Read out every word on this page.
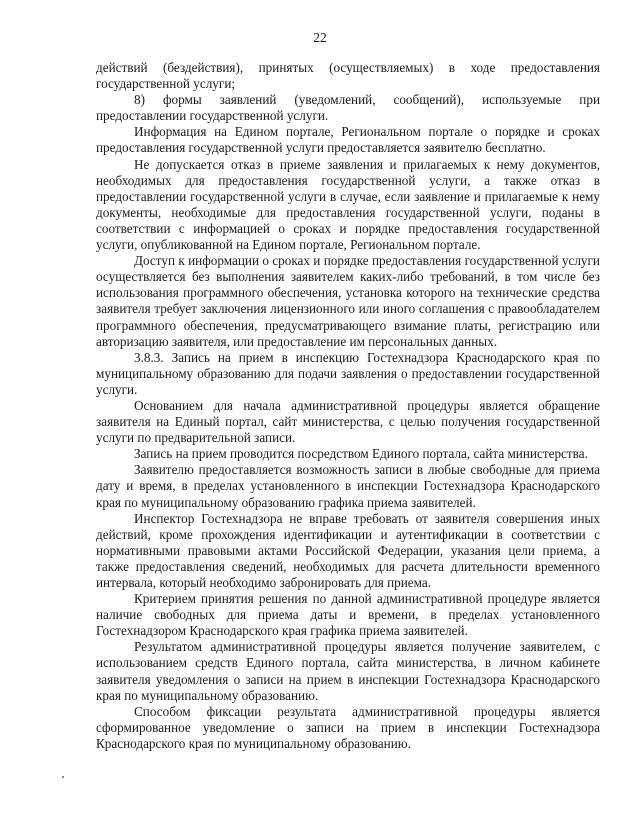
22

действий (бездействия), принятых (осуществляемых) в ходе предоставления государственной услуги;

8) формы заявлений (уведомлений, сообщений), используемые при предоставлении государственной услуги.

Информация на Едином портале, Региональном портале о порядке и сроках предоставления государственной услуги предоставляется заявителю бесплатно.

Не допускается отказ в приеме заявления и прилагаемых к нему документов, необходимых для предоставления государственной услуги, а также отказ в предоставлении государственной услуги в случае, если заявление и прилагаемые к нему документы, необходимые для предоставления государственной услуги, поданы в соответствии с информацией о сроках и порядке предоставления государственной услуги, опубликованной на Едином портале, Региональном портале.

Доступ к информации о сроках и порядке предоставления государственной услуги осуществляется без выполнения заявителем каких-либо требований, в том числе без использования программного обеспечения, установка которого на технические средства заявителя требует заключения лицензионного или иного соглашения с правообладателем программного обеспечения, предусматривающего взимание платы, регистрацию или авторизацию заявителя, или предоставление им персональных данных.

3.8.3. Запись на прием в инспекцию Гостехнадзора Краснодарского края по муниципальному образованию для подачи заявления о предоставлении государственной услуги.

Основанием для начала административной процедуры является обращение заявителя на Единый портал, сайт министерства, с целью получения государственной услуги по предварительной записи.

Запись на прием проводится посредством Единого портала, сайта министерства.

Заявителю предоставляется возможность записи в любые свободные для приема дату и время, в пределах установленного в инспекции Гостехнадзора Краснодарского края по муниципальному образованию графика приема заявителей.

Инспектор Гостехнадзора не вправе требовать от заявителя совершения иных действий, кроме прохождения идентификации и аутентификации в соответствии с нормативными правовыми актами Российской Федерации, указания цели приема, а также предоставления сведений, необходимых для расчета длительности временного интервала, который необходимо забронировать для приема.

Критерием принятия решения по данной административной процедуре является наличие свободных для приема даты и времени, в пределах установленного Гостехнадзором Краснодарского края графика приема заявителей.

Результатом административной процедуры является получение заявителем, с использованием средств Единого портала, сайта министерства, в личном кабинете заявителя уведомления о записи на прием в инспекции Гостехнадзора Краснодарского края по муниципальному образованию.

Способом фиксации результата административной процедуры является сформированное уведомление о записи на прием в инспекции Гостехнадзора Краснодарского края по муниципальному образованию.
